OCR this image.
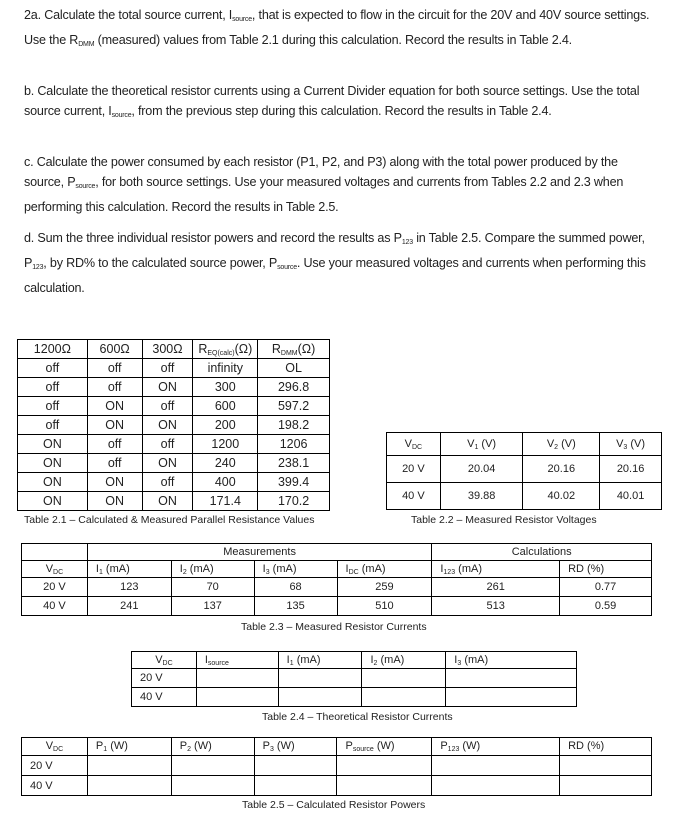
2a. Calculate the total source current, $I_{source}$, that is expected to flow in the circuit for the 20V and 40V source settings. Use the $R_{DMM}$ (measured) values from Table 2.1 during this calculation. Record the results in Table 2.4.
b. Calculate the theoretical resistor currents using a Current Divider equation for both source settings. Use the total source current, $I_{source}$, from the previous step during this calculation. Record the results in Table 2.4.
c. Calculate the power consumed by each resistor (P1, P2, and P3) along with the total power produced by the source, $P_{source}$, for both source settings. Use your measured voltages and currents from Tables 2.2 and 2.3 when performing this calculation. Record the results in Table 2.5.
d. Sum the three individual resistor powers and record the results as $P_{123}$ in Table 2.5. Compare the summed power, $P_{123}$, by RD% to the calculated source power, $P_{source}$. Use your measured voltages and currents when performing this calculation.
1200Ω	600Ω	300Ω	$R_{EQ(calc)}(\Omega)$	$R_{DMM}(\Omega)$
off	off	off	infinity	OL
off	off	ON	300	296.8
off	ON	off	600	597.2
off	ON	ON	200	198.2
ON	off	off	1200	1206
ON	off	ON	240	238.1
ON	ON	off	400	399.4
ON	ON	ON	171.4	170.2
Table 2.1 – Calculated & Measured Parallel Resistance Values
$V_{DC}$	$V_1$ (V)	$V_2$ (V)	$V_3$ (V)
20 V	20.04	20.16	20.16
40 V	39.88	40.02	40.01
Table 2.2 – Measured Resistor Voltages
	Measurements				Calculations	
$V_{DC}$	$I_1$ (mA)	$I_2$ (mA)	$I_3$ (mA)	$I_{DC}$ (mA)	$I_{123}$ (mA)	RD (%)
20 V	123	70	68	259	261	0.77
40 V	241	137	135	510	513	0.59
Table 2.3 – Measured Resistor Currents
$V_{DC}$	$I_{source}$	$I_1$ (mA)	$I_2$ (mA)	$I_3$ (mA)
20 V				
40 V				
Table 2.4 – Theoretical Resistor Currents
$V_{DC}$	$P_1$ (W)	$P_2$ (W)	$P_3$ (W)	$P_{source}$ (W)	$P_{123}$ (W)	RD (%)
20 V						
40 V						
Table 2.5 – Calculated Resistor Powers
